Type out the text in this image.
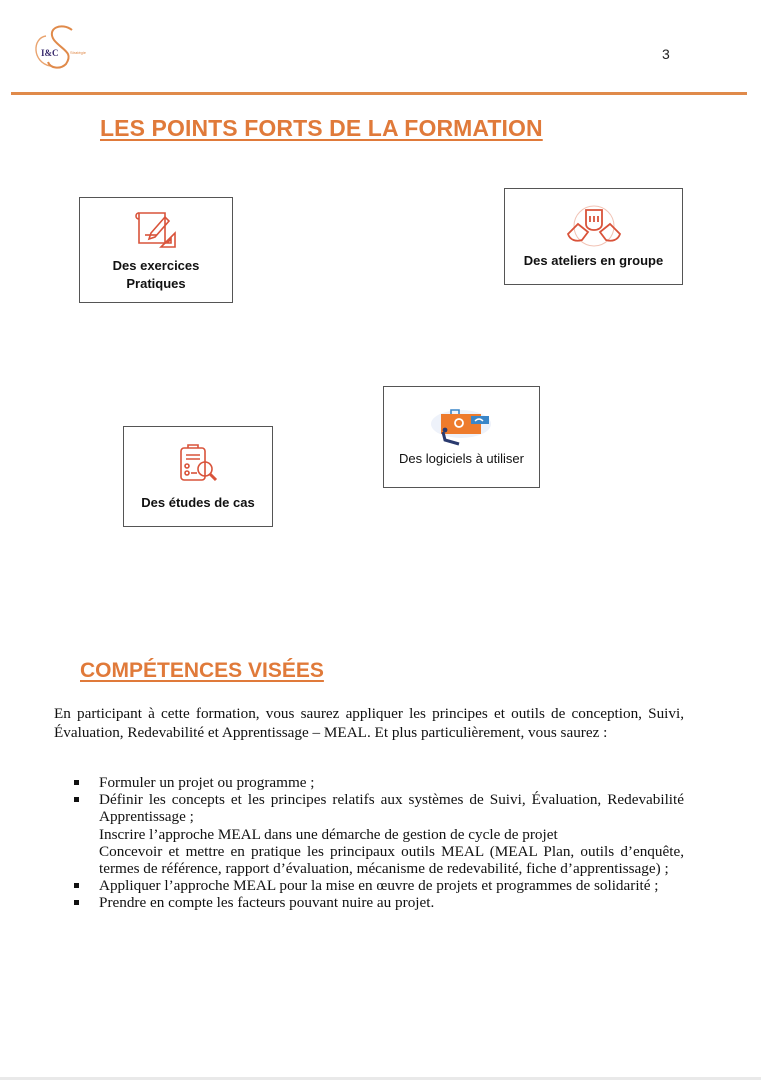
I&C	Stratégie	3
LES POINTS FORTS DE LA FORMATION
Des exercices
Pratiques
Des ateliers en groupe
Des logiciels à utiliser
Des études de cas
COMPÉTENCES VISÉES

En participant à cette formation, vous saurez appliquer les principes et outils de conception, Suivi, Évaluation, Redevabilité et Apprentissage – MEAL. Et plus particulièrement, vous saurez :

Formuler un projet ou programme ;
Définir les concepts et les principes relatifs aux systèmes de Suivi, Évaluation, Redevabilité Apprentissage ;
Inscrire l’approche MEAL dans une démarche de gestion de cycle de projet
Concevoir et mettre en pratique les principaux outils MEAL (MEAL Plan, outils d’enquête, termes de référence, rapport d’évaluation, mécanisme de redevabilité, fiche d’apprentissage) ;
Appliquer l’approche MEAL pour la mise en œuvre de projets et programmes de solidarité ;
Prendre en compte les facteurs pouvant nuire au projet.
